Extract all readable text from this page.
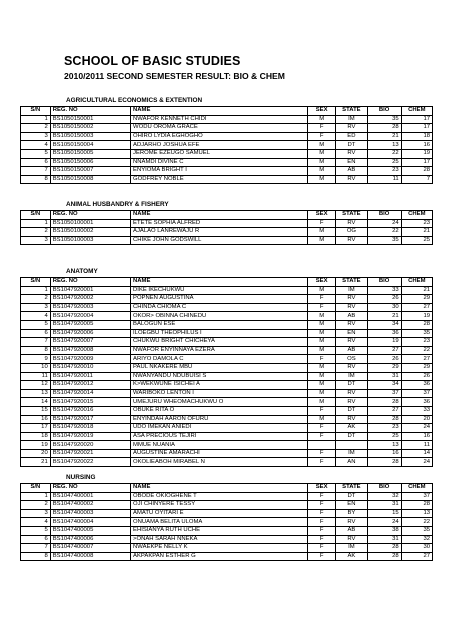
SCHOOL OF BASIC STUDIES
2010/2011 SECOND SEMESTER RESULT: BIO & CHEM
AGRICULTURAL ECONOMICS & EXTENTION
S/N	REG. NO	NAME	SEX	STATE	BIO	CHEM
1	BS1050150001	NWAFOR KENNETH CHIDI	M	IM	35	17
2	BS1050150002	WODU OROMA GRACE	F	RV	28	17
3	BS1050150003	OHIRO LYDIA EGHOGHO	F	ED	21	18
4	BS1050150004	ADJARHO JOSHUA EFE	M	DT	13	16
5	BS1050150005	JEROME EZEUGO SAMUEL	M	RV	22	19
6	BS1050150006	NNAMDI DIVINE C	M	EN	25	17
7	BS1050150007	ENYIOMA BRIGHT I	M	AB	23	28
8	BS1050150008	GODFREY NOBLE	M	RV	11	7
ANIMAL HUSBANDRY & FISHERY
S/N	REG. NO	NAME	SEX	STATE	BIO	CHEM
1	BS1050100001	ETETE SOPHIA ALFRED	F	RV	24	23
2	BS1050100002	AJALAO LANREWAJU R	M	OG	22	21
3	BS1050100003	CHIKE JOHN GODSWILL	M	RV	35	25
ANATOMY
S/N	REG. NO	NAME	SEX	STATE	BIO	CHEM
1	BS1047920001	DIKE IKECHUKWU	M	IM	33	21
2	BS1047920002	POPNEN AUGUSTINA	F	RV	26	29
3	BS1047920003	CHINDA CHIOMA C	F	RV	30	27
4	BS1047920004	OKOR> OBINNA CHINEDU	M	AB	21	19
5	BS1047920005	BALOGUN ESE	M	RV	34	28
6	BS1047920006	ILOEGBU THEOPHILUS I	M	EN	36	35
7	BS1047920007	CHUKWU BRIGHT CHICHEYA	M	RV	19	23
8	BS1047920008	NWAFOR ENYINNAYA EZERA	M	AB	27	22
9	BS1047920009	ARIYO DAMOLA C	F	OS	26	27
10	BS1047920010	PAUL NKAKERE MBU	M	RV	29	29
11	BS1047920011	NWANYANDU NDUBUISI S	M	IM	31	26
12	BS1047920012	K>WEKWUNE ISICHEI A	M	DT	34	36
13	BS1047920014	WARIBOKO LENTON I	M	RV	37	37
14	BS1047920015	UMEJURU WHEOMACHUKWU O	M	RV	28	36
15	BS1047920016	OBUKE RITA O	F	DT	27	33
16	BS1047920017	ENYINDAH AARON OFURU	M	RV	28	20
17	BS1047920018	UDO IMEKAN ANIEDI	F	AK	23	24
18	BS1047920019	ASA PRECIOUS TEJIRI	F	DT	25	16
19	BS1047920020	MMUE NUANIA			13	11
20	BS1047920021	AUGUSTINE AMARACHI	F	IM	16	14
21	BS1047920022	OKOLIEABOH MIRABEL N	F	AN	28	24
NURSING
S/N	REG. NO	NAME	SEX	STATE	BIO	CHEM
1	BS1047400001	OBODE OKIOGHENE T	F	DT	32	37
2	BS1047400002	OJI CHINYERE TESSY	F	EN	31	28
3	BS1047400003	AMATU OYITARI E	F	BY	15	13
4	BS1047400004	ONUAMA BELITA ULOMA	F	RV	24	22
5	BS1047400005	EHISIANYA RUTH UCHE	F	AB	38	35
6	BS1047400006	>ONAH SARAH NNEKA	F	RV	31	32
7	BS1047400007	NWAEKPE NELLY K	F	IM	28	30
8	BS1047400008	AKPAKPAN ESTHER G	F	AK	28	27
